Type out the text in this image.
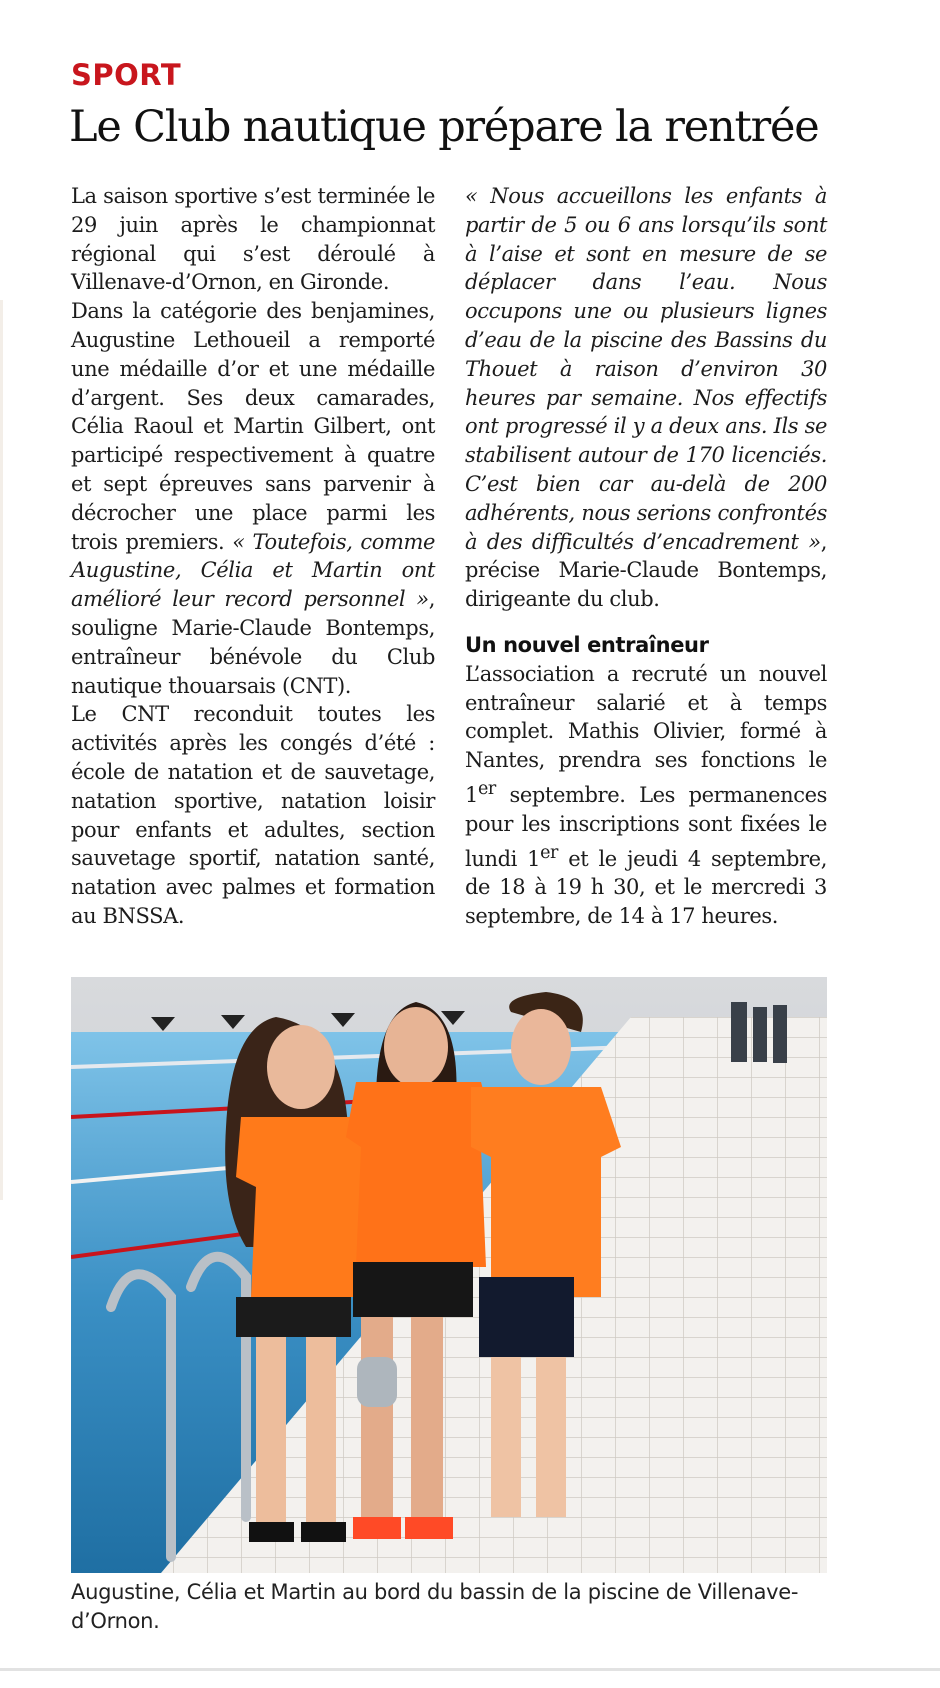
SPORT
Le Club nautique prépare la rentrée

La saison sportive s’est terminée le 29 juin après le championnat régional qui s’est déroulé à Villenave-d’Ornon, en Gironde.

Dans la catégorie des benjamines, Augustine Lethoueil a remporté une médaille d’or et une médaille d’argent. Ses deux camarades, Célia Raoul et Martin Gilbert, ont participé respectivement à quatre et sept épreuves sans parvenir à décrocher une place parmi les trois premiers. « Toutefois, comme Augustine, Célia et Martin ont amélioré leur record personnel », souligne Marie-Claude Bontemps, entraîneur bénévole du Club nautique thouarsais (CNT).

Le CNT reconduit toutes les activités après les congés d’été : école de natation et de sauvetage, natation sportive, natation loisir pour enfants et adultes, section sauvetage sportif, natation santé, natation avec palmes et formation au BNSSA.

« Nous accueillons les enfants à partir de 5 ou 6 ans lorsqu’ils sont à l’aise et sont en mesure de se déplacer dans l’eau. Nous occupons une ou plusieurs lignes d’eau de la piscine des Bassins du Thouet à raison d’environ 30 heures par semaine. Nos effectifs ont progressé il y a deux ans. Ils se stabilisent autour de 170 licenciés. C’est bien car au-delà de 200 adhérents, nous serions confrontés à des difficultés d’encadrement », précise Marie-Claude Bontemps, dirigeante du club.

Un nouvel entraîneur

L’association a recruté un nouvel entraîneur salarié et à temps complet. Mathis Olivier, formé à Nantes, prendra ses fonctions le 1er septembre. Les permanences pour les inscriptions sont fixées le lundi 1er et le jeudi 4 septembre, de 18 à 19 h 30, et le mercredi 3 septembre, de 14 à 17 heures.

Augustine, Célia et Martin au bord du bassin de la piscine de Villenave-d’Ornon.
